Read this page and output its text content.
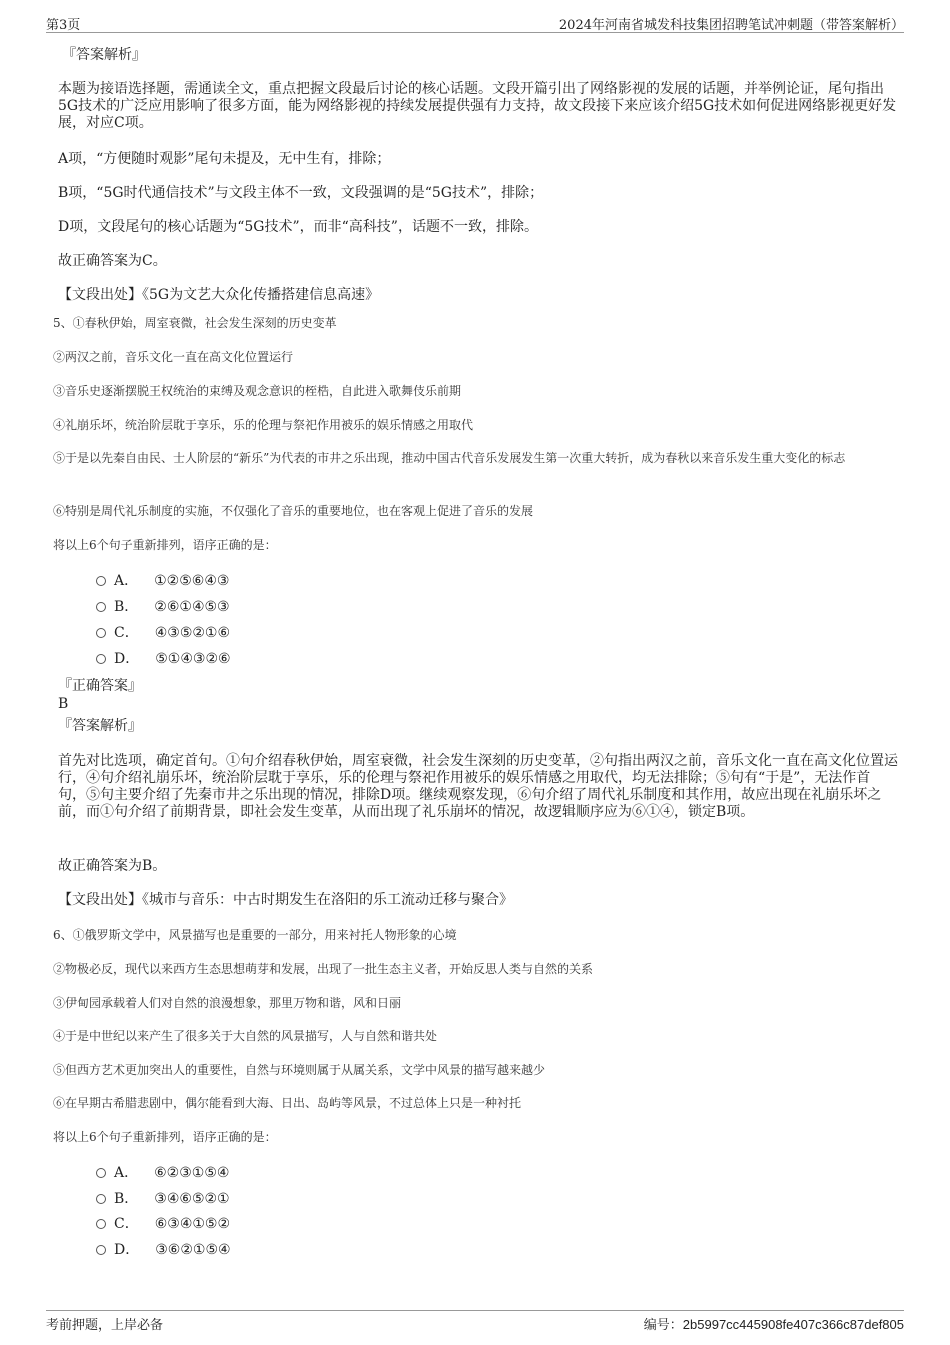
第3页	2024年河南省城发科技集团招聘笔试冲刺题（带答案解析）
『答案解析』
本题为接语选择题，需通读全文，重点把握文段最后讨论的核心话题。文段开篇引出了网络影视的发展的话题，并举例论证，尾句指出5G技术的广泛应用影响了很多方面，能为网络影视的持续发展提供强有力支持，故文段接下来应该介绍5G技术如何促进网络影视更好发展，对应C项。
A项，“方便随时观影”尾句未提及，无中生有，排除；
B项，“5G时代通信技术”与文段主体不一致，文段强调的是“5G技术”，排除；
D项，文段尾句的核心话题为“5G技术”，而非“高科技”，话题不一致，排除。
故正确答案为C。
【文段出处】《5G为文艺大众化传播搭建信息高速》
5、①春秋伊始，周室衰微，社会发生深刻的历史变革
②两汉之前，音乐文化一直在高文化位置运行
③音乐史逐渐摆脱王权统治的束缚及观念意识的桎梏，自此进入歌舞伎乐前期
④礼崩乐坏，统治阶层耽于享乐，乐的伦理与祭祀作用被乐的娱乐情感之用取代
⑤于是以先秦自由民、士人阶层的“新乐”为代表的市井之乐出现，推动中国古代音乐发展发生第一次重大转折，成为春秋以来音乐发生重大变化的标志
⑥特别是周代礼乐制度的实施，不仅强化了音乐的重要地位，也在客观上促进了音乐的发展
将以上6个句子重新排列，语序正确的是：
A． ①②⑤⑥④③
B． ②⑥①④⑤③
C． ④③⑤②①⑥
D． ⑤①④③②⑥
『正确答案』
B
『答案解析』
首先对比选项，确定首句。①句介绍春秋伊始，周室衰微，社会发生深刻的历史变革，②句指出两汉之前，音乐文化一直在高文化位置运行，④句介绍礼崩乐坏，统治阶层耽于享乐，乐的伦理与祭祀作用被乐的娱乐情感之用取代，均无法排除；⑤句有“于是”，无法作首句，⑤句主要介绍了先秦市井之乐出现的情况，排除D项。继续观察发现，⑥句介绍了周代礼乐制度和其作用，故应出现在礼崩乐坏之前，而①句介绍了前期背景，即社会发生变革，从而出现了礼乐崩坏的情况，故逻辑顺序应为⑥①④，锁定B项。
故正确答案为B。
【文段出处】《城市与音乐：中古时期发生在洛阳的乐工流动迁移与聚合》
6、①俄罗斯文学中，风景描写也是重要的一部分，用来衬托人物形象的心境
②物极必反，现代以来西方生态思想萌芽和发展，出现了一批生态主义者，开始反思人类与自然的关系
③伊甸园承载着人们对自然的浪漫想象，那里万物和谐，风和日丽
④于是中世纪以来产生了很多关于大自然的风景描写，人与自然和谐共处
⑤但西方艺术更加突出人的重要性，自然与环境则属于从属关系，文学中风景的描写越来越少
⑥在早期古希腊悲剧中，偶尔能看到大海、日出、岛屿等风景，不过总体上只是一种衬托
将以上6个句子重新排列，语序正确的是：
A． ⑥②③①⑤④
B． ③④⑥⑤②①
C． ⑥③④①⑤②
D． ③⑥②①⑤④
考前押题，上岸必备	编号：2b5997cc445908fe407c366c87def805
